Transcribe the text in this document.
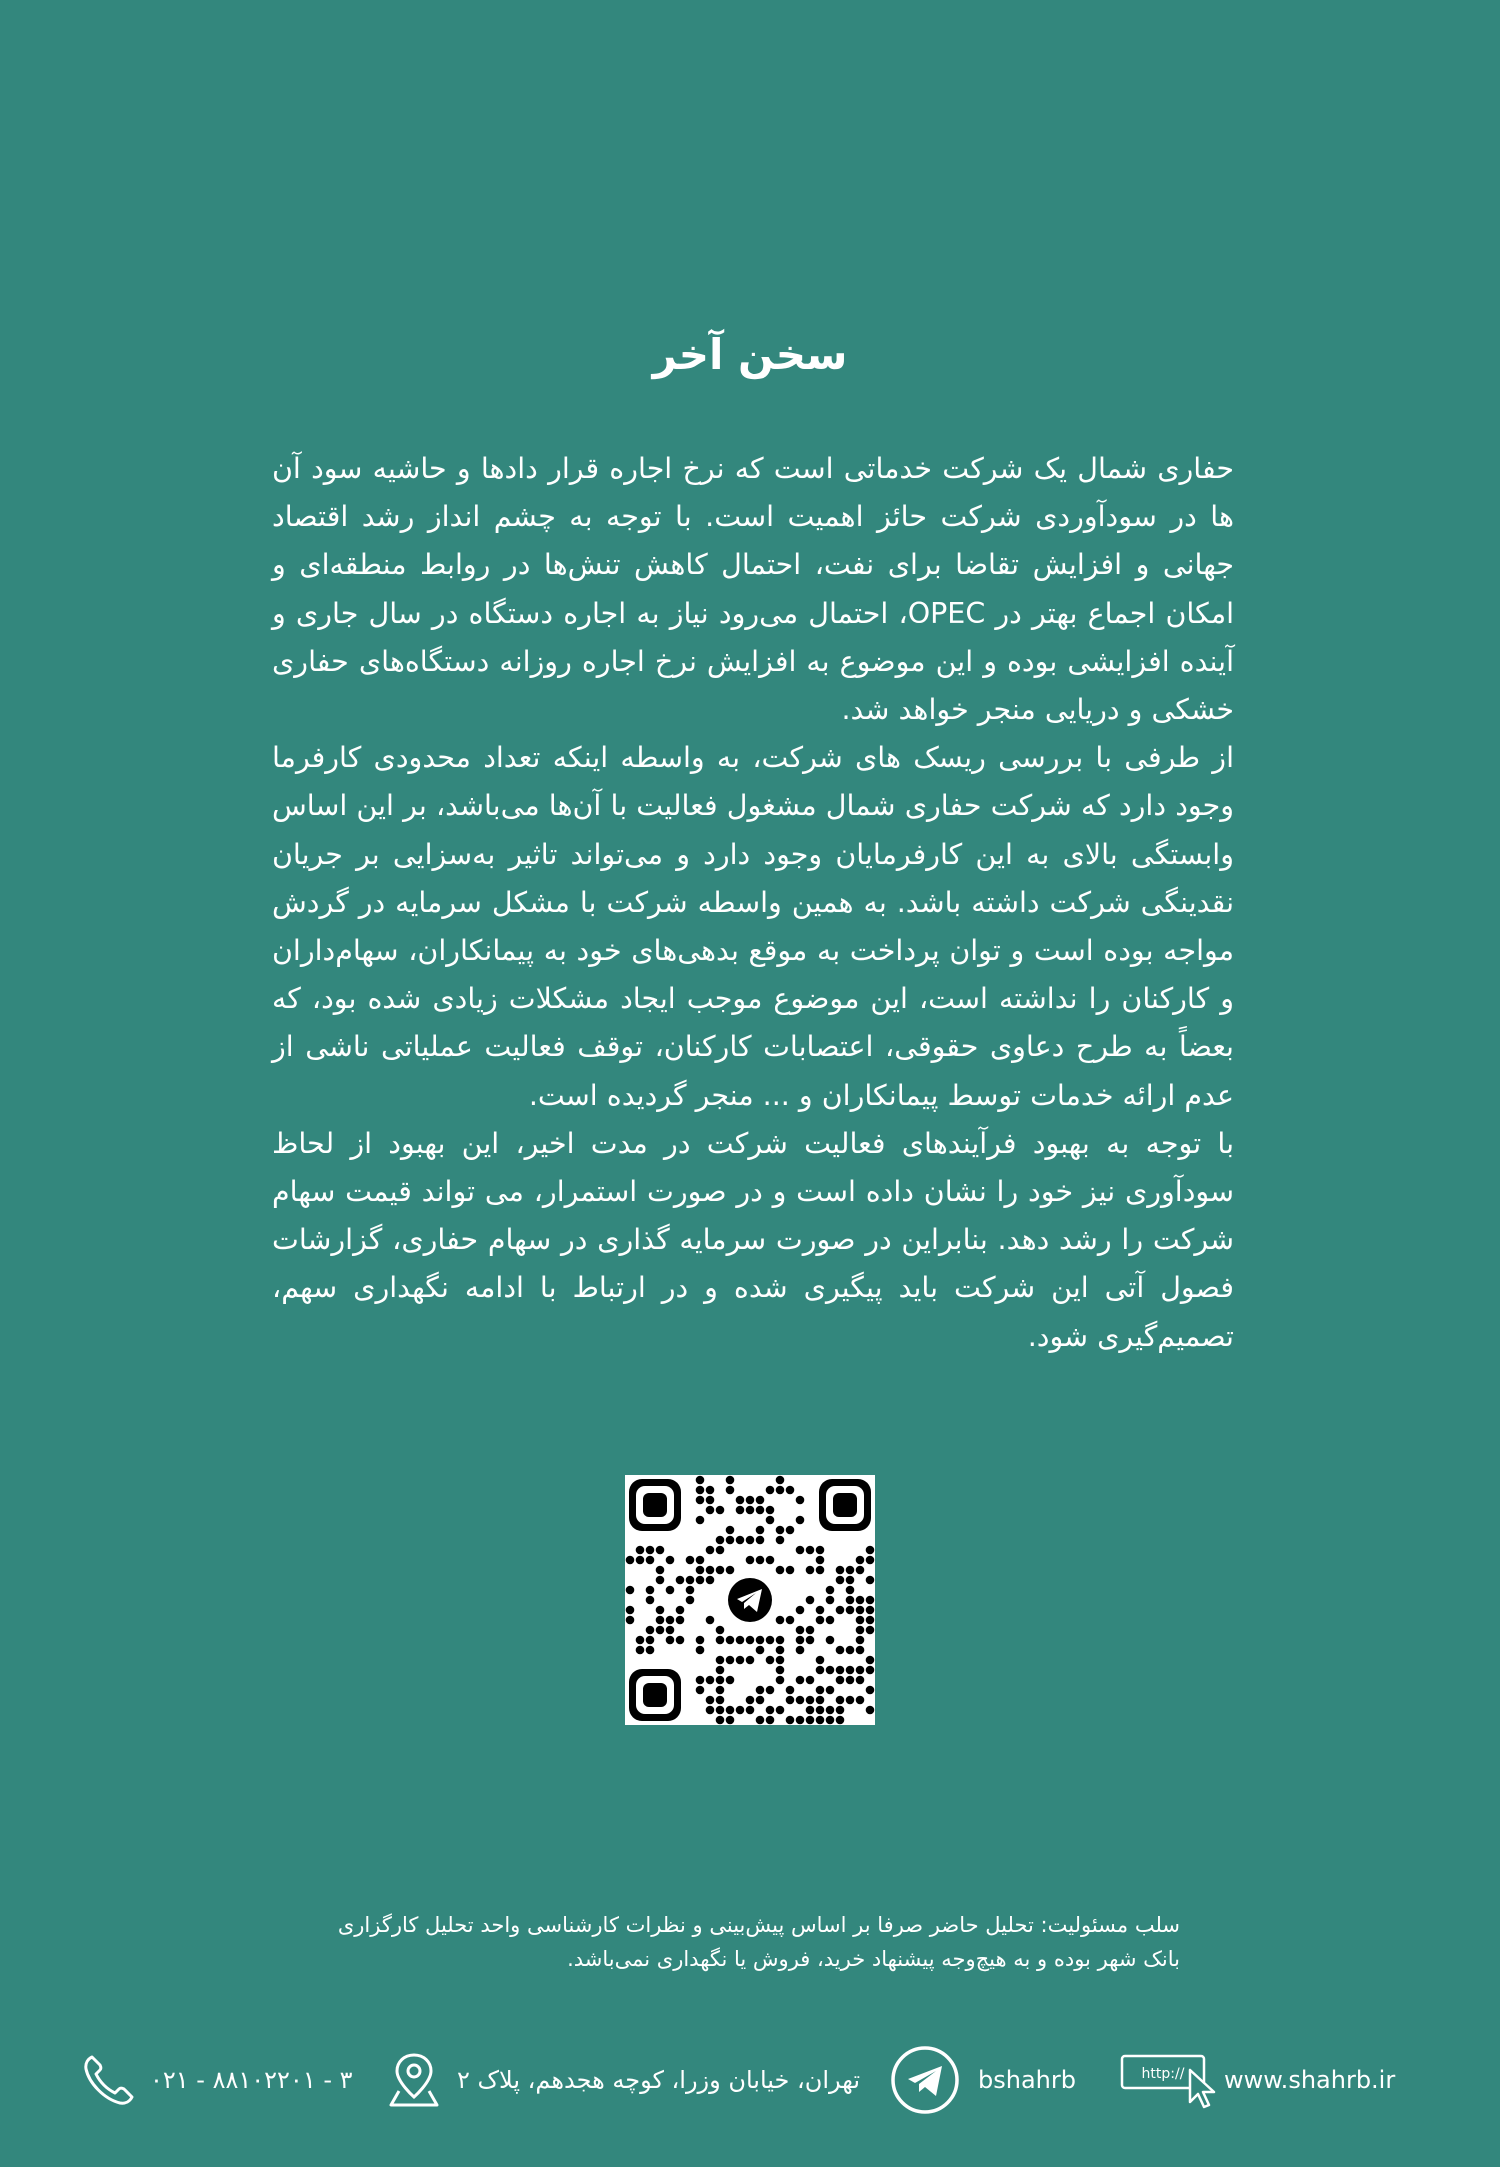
سخن آخر

حفاری شمال یک شرکت خدماتی است که نرخ اجاره قرار دادها و حاشیه سود آن ها در سودآوردی شرکت حائز اهمیت است. با توجه به چشم انداز رشد اقتصاد جهانی و افزایش تقاضا برای نفت، احتمال کاهش تنش‌ها در روابط منطقه‌ای و امکان اجماع بهتر در OPEC، احتمال می‌رود نیاز به اجاره دستگاه در سال جاری و آینده افزایشی بوده و این موضوع به افزایش نرخ اجاره روزانه دستگاه‌های حفاری خشکی و دریایی منجر خواهد شد.

از طرفی با بررسی ریسک های شرکت، به واسطه اینکه تعداد محدودی کارفرما وجود دارد که شرکت حفاری شمال مشغول فعالیت با آن‌ها می‌باشد، بر این اساس وابستگی بالای به این کارفرمایان وجود دارد و می‌تواند تاثیر به‌سزایی بر جریان نقدینگی شرکت داشته باشد. به همین واسطه شرکت با مشکل سرمایه در گردش مواجه بوده است و توان پرداخت به موقع بدهی‌های خود به پیمانکاران، سهام‌داران و کارکنان را نداشته است، این موضوع موجب ایجاد مشکلات زیادی شده بود، که بعضاً به طرح دعاوی حقوقی، اعتصابات کارکنان، توقف فعالیت عملیاتی ناشی از عدم ارائه خدمات توسط پیمانکاران و ... منجر گردیده است.

با توجه به بهبود فرآیندهای فعالیت شرکت در مدت اخیر، این بهبود از لحاظ سودآوری نیز خود را نشان داده است و در صورت استمرار، می تواند قیمت سهام شرکت را رشد دهد. بنابراین در صورت سرمایه گذاری در سهام حفاری، گزارشات فصول آتی این شرکت باید پیگیری شده و در ارتباط با ادامه نگهداری سهم، تصمیم‌گیری شود.

سلب مسئولیت: تحلیل حاضر صرفا بر اساس پیش‌بینی و نظرات کارشناسی واحد تحلیل کارگزاری بانک شهر بوده و به هیچ‌وجه پیشنهاد خرید، فروش یا نگهداری نمی‌باشد.
۰۲۱ - ۸۸۱۰۲۲۰۱ - ۳	تهران، خیابان وزرا، کوچه هجدهم، پلاک ۲	bshahrb	http:// www.shahrb.ir
